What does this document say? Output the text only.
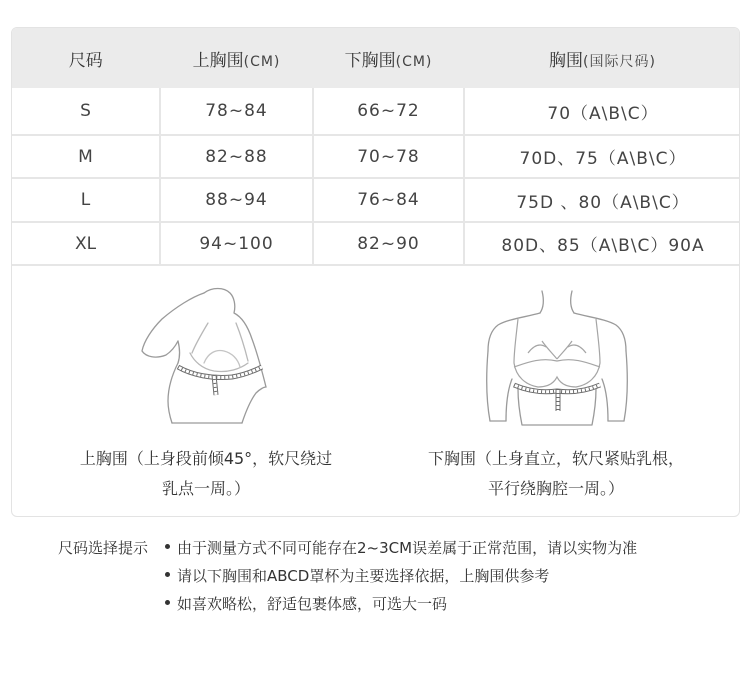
尺码	上胸围(CM)	下胸围(CM)	胸围(国际尺码)
S	78~84	66~72	70（A\B\C）
M	82~88	70~78	70D、75（A\B\C）
L	88~94	76~84	75D 、80（A\B\C）
XL	94~100	82~90	80D、85（A\B\C）90A
上胸围（上身段前倾45°，软尺绕过
乳点一周。）
下胸围（上身直立，软尺紧贴乳根，
平行绕胸腔一周。）
尺码选择提示	由于测量方式不同可能存在2~3CM误差属于正常范围，请以实物为准
请以下胸围和ABCD罩杯为主要选择依据，上胸围供参考
如喜欢略松，舒适包裹体感，可选大一码
